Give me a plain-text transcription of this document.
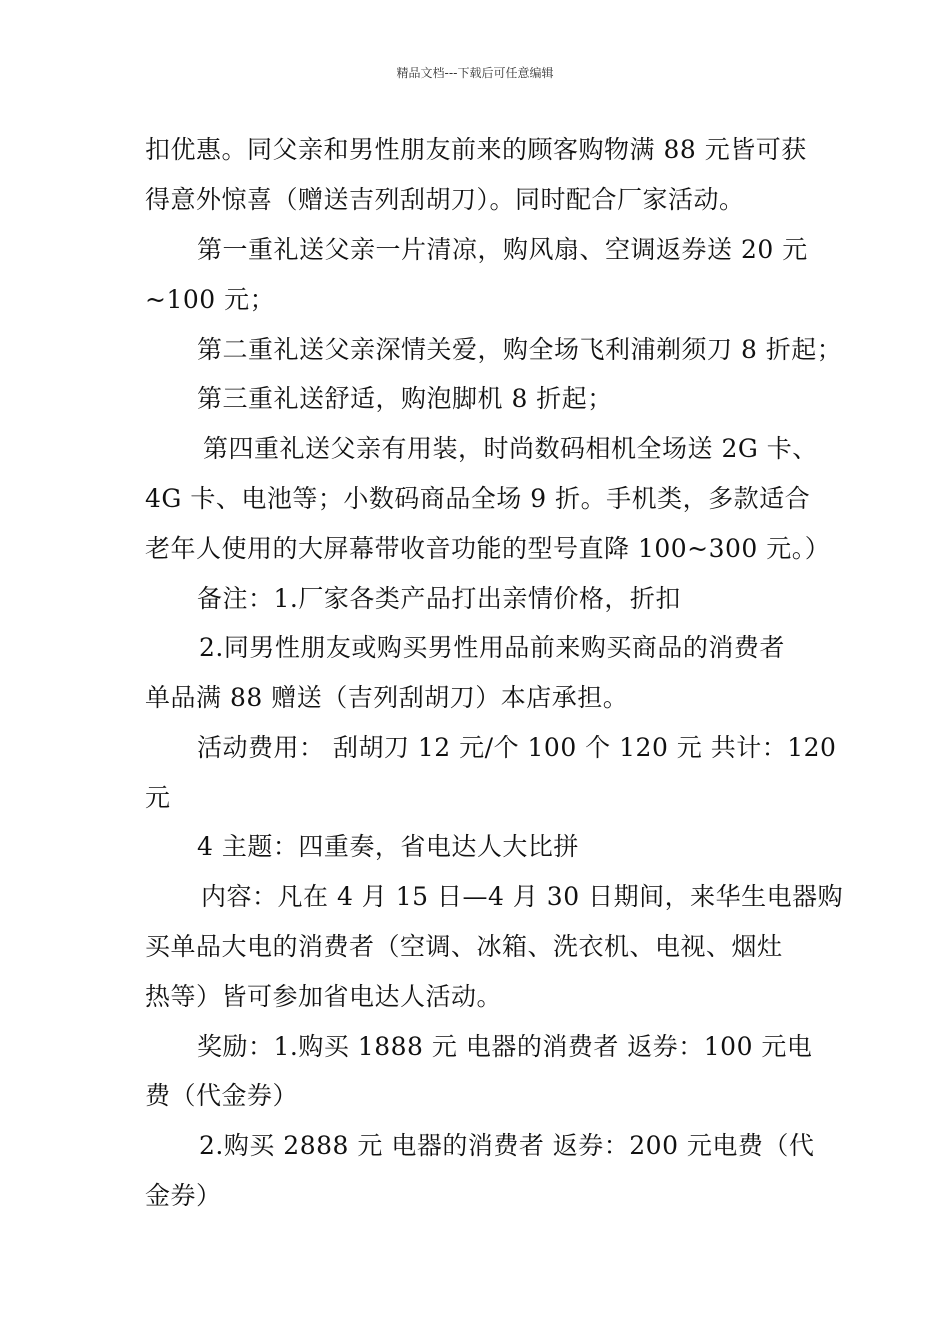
精品文档---下载后可任意编辑
扣优惠。同父亲和男性朋友前来的顾客购物满 88 元皆可获
得意外惊喜（赠送吉列刮胡刀）。同时配合厂家活动。
第一重礼送父亲一片清凉，购风扇、空调返券送 20 元
~100 元；
第二重礼送父亲深情关爱，购全场飞利浦剃须刀 8 折起；
第三重礼送舒适，购泡脚机 8 折起；
第四重礼送父亲有用装，时尚数码相机全场送 2G 卡、
4G 卡、电池等；小数码商品全场 9 折。手机类，多款适合
老年人使用的大屏幕带收音功能的型号直降 100~300 元。）
备注：1.厂家各类产品打出亲情价格，折扣
2.同男性朋友或购买男性用品前来购买商品的消费者
单品满 88 赠送（吉列刮胡刀）本店承担。
活动费用： 刮胡刀 12 元/个 100 个 120 元 共计：120
元
4 主题：四重奏，省电达人大比拼
内容：凡在 4 月 15 日—4 月 30 日期间，来华生电器购
买单品大电的消费者（空调、冰箱、洗衣机、电视、烟灶
热等）皆可参加省电达人活动。
奖励：1.购买 1888 元 电器的消费者 返券：100 元电
费（代金券）
2.购买 2888 元 电器的消费者 返券：200 元电费（代
金券）
